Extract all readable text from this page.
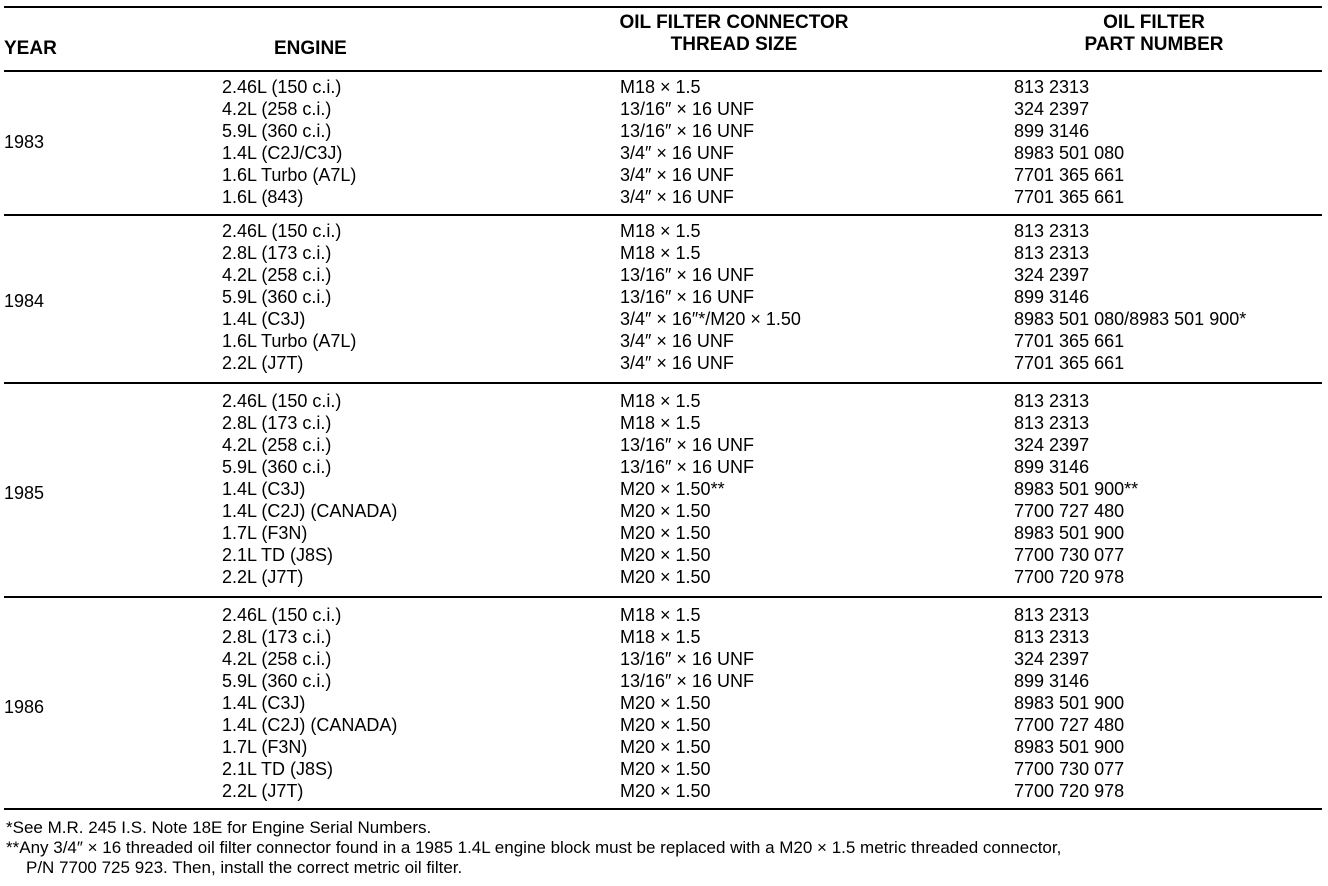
YEAR	ENGINE
OIL FILTER CONNECTOR
THREAD SIZE
OIL FILTER
PART NUMBER
1983
2.46L (150 c.i.)	M18 × 1.5	813 2313
4.2L (258 c.i.)	13/16″ × 16 UNF	324 2397
5.9L (360 c.i.)	13/16″ × 16 UNF	899 3146
1.4L (C2J/C3J)	3/4″ × 16 UNF	8983 501 080
1.6L Turbo (A7L)	3/4″ × 16 UNF	7701 365 661
1.6L (843)	3/4″ × 16 UNF	7701 365 661
1984
2.46L (150 c.i.)	M18 × 1.5	813 2313
2.8L (173 c.i.)	M18 × 1.5	813 2313
4.2L (258 c.i.)	13/16″ × 16 UNF	324 2397
5.9L (360 c.i.)	13/16″ × 16 UNF	899 3146
1.4L (C3J)	3/4″ × 16″*/M20 × 1.50	8983 501 080/8983 501 900*
1.6L Turbo (A7L)	3/4″ × 16 UNF	7701 365 661
2.2L (J7T)	3/4″ × 16 UNF	7701 365 661
1985
2.46L (150 c.i.)	M18 × 1.5	813 2313
2.8L (173 c.i.)	M18 × 1.5	813 2313
4.2L (258 c.i.)	13/16″ × 16 UNF	324 2397
5.9L (360 c.i.)	13/16″ × 16 UNF	899 3146
1.4L (C3J)	M20 × 1.50**	8983 501 900**
1.4L (C2J) (CANADA)	M20 × 1.50	7700 727 480
1.7L (F3N)	M20 × 1.50	8983 501 900
2.1L TD (J8S)	M20 × 1.50	7700 730 077
2.2L (J7T)	M20 × 1.50	7700 720 978
1986
2.46L (150 c.i.)	M18 × 1.5	813 2313
2.8L (173 c.i.)	M18 × 1.5	813 2313
4.2L (258 c.i.)	13/16″ × 16 UNF	324 2397
5.9L (360 c.i.)	13/16″ × 16 UNF	899 3146
1.4L (C3J)	M20 × 1.50	8983 501 900
1.4L (C2J) (CANADA)	M20 × 1.50	7700 727 480
1.7L (F3N)	M20 × 1.50	8983 501 900
2.1L TD (J8S)	M20 × 1.50	7700 730 077
2.2L (J7T)	M20 × 1.50	7700 720 978
*See M.R. 245 I.S. Note 18E for Engine Serial Numbers.
**Any 3/4″ × 16 threaded oil filter connector found in a 1985 1.4L engine block must be replaced with a M20 × 1.5 metric threaded connector,
P/N 7700 725 923. Then, install the correct metric oil filter.
